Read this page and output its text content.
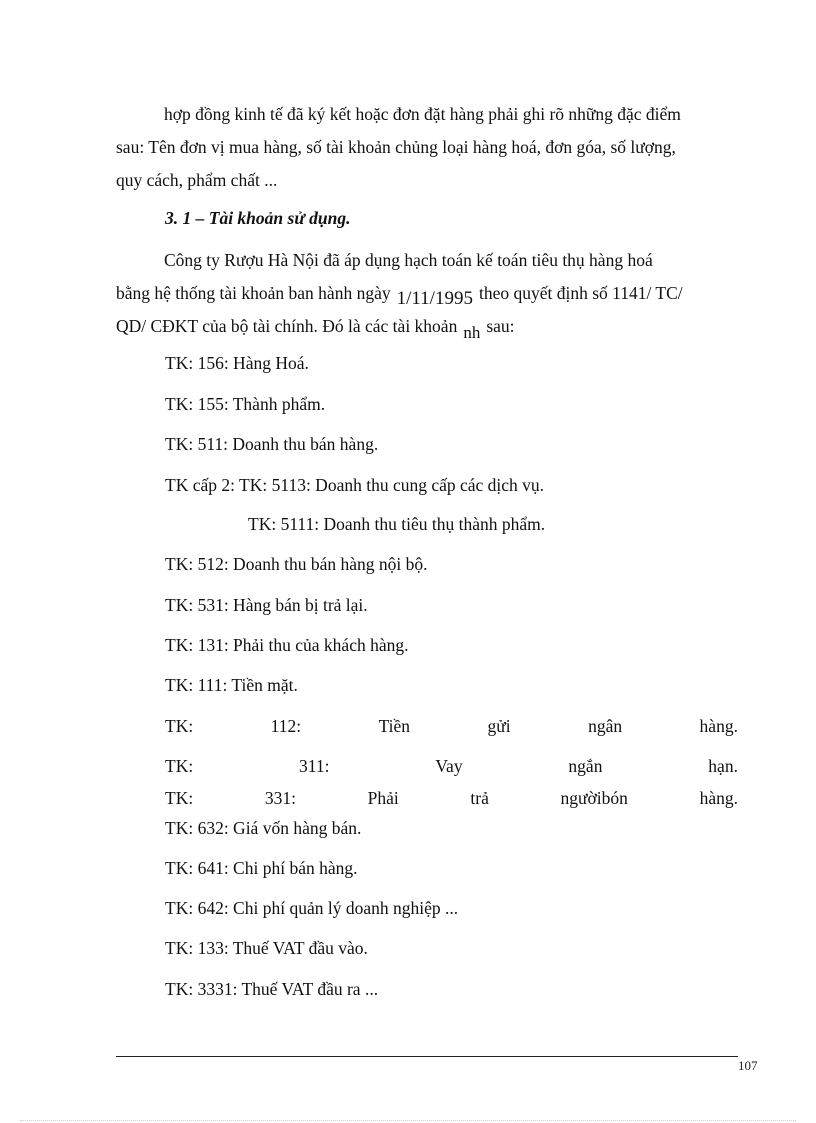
hợp đồng kinh tế đã ký kết hoặc đơn đặt hàng phải ghi rõ những đặc điểm
sau: Tên đơn vị mua hàng, số tài khoản chủng loại hàng hoá, đơn góa, số lượng,
quy cách, phẩm chất ...
3. 1 – Tài khoản sử dụng.
Công ty Rượu Hà Nội đã áp dụng hạch toán kế toán tiêu thụ hàng hoá
bằng hệ thống tài khoản ban hành ngày 1/11/1995 theo quyết định số 1141/ TC/
QD/ CĐKT của bộ tài chính. Đó là các tài khoản nh sau:
TK: 156: Hàng Hoá.
TK: 155: Thành phẩm.
TK: 511: Doanh thu bán hàng.
TK cấp 2: TK: 5113: Doanh thu cung cấp các dịch vụ.
TK: 5111: Doanh thu tiêu thụ thành phẩm.
TK: 512: Doanh thu bán hàng nội bộ.
TK: 531: Hàng bán bị trả lại.
TK: 131: Phải thu của khách hàng.
TK: 111: Tiền mặt.
TK:	112:	Tiền	gửi	ngân	hàng.
TK:	311:	Vay	ngắn	hạn.
TK:	331:	Phải	trả	ngườibón	hàng.
TK: 632: Giá vốn hàng bán.
TK: 641: Chi phí bán hàng.
TK: 642: Chi phí quản lý doanh nghiệp ...
TK: 133: Thuế VAT đầu vào.
TK: 3331: Thuế VAT đầu ra ...
107
